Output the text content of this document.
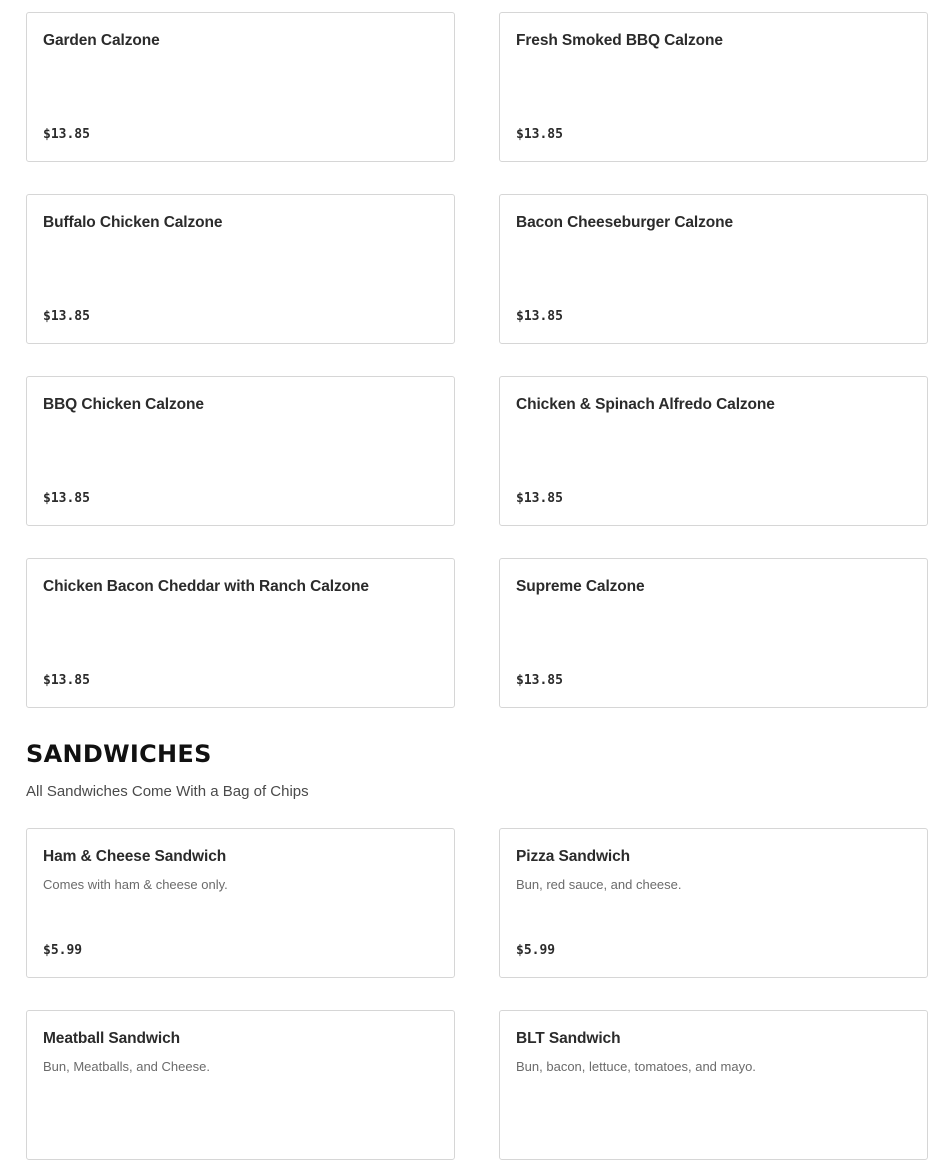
Garden Calzone
$13.85
Fresh Smoked BBQ Calzone
$13.85
Buffalo Chicken Calzone
$13.85
Bacon Cheeseburger Calzone
$13.85
BBQ Chicken Calzone
$13.85
Chicken & Spinach Alfredo Calzone
$13.85
Chicken Bacon Cheddar with Ranch Calzone
$13.85
Supreme Calzone
$13.85
SANDWICHES

All Sandwiches Come With a Bag of Chips

Ham & Cheese Sandwich
Comes with ham & cheese only.
$5.99
Pizza Sandwich
Bun, red sauce, and cheese.
$5.99
Meatball Sandwich
Bun, Meatballs, and Cheese.
BLT Sandwich
Bun, bacon, lettuce, tomatoes, and mayo.
